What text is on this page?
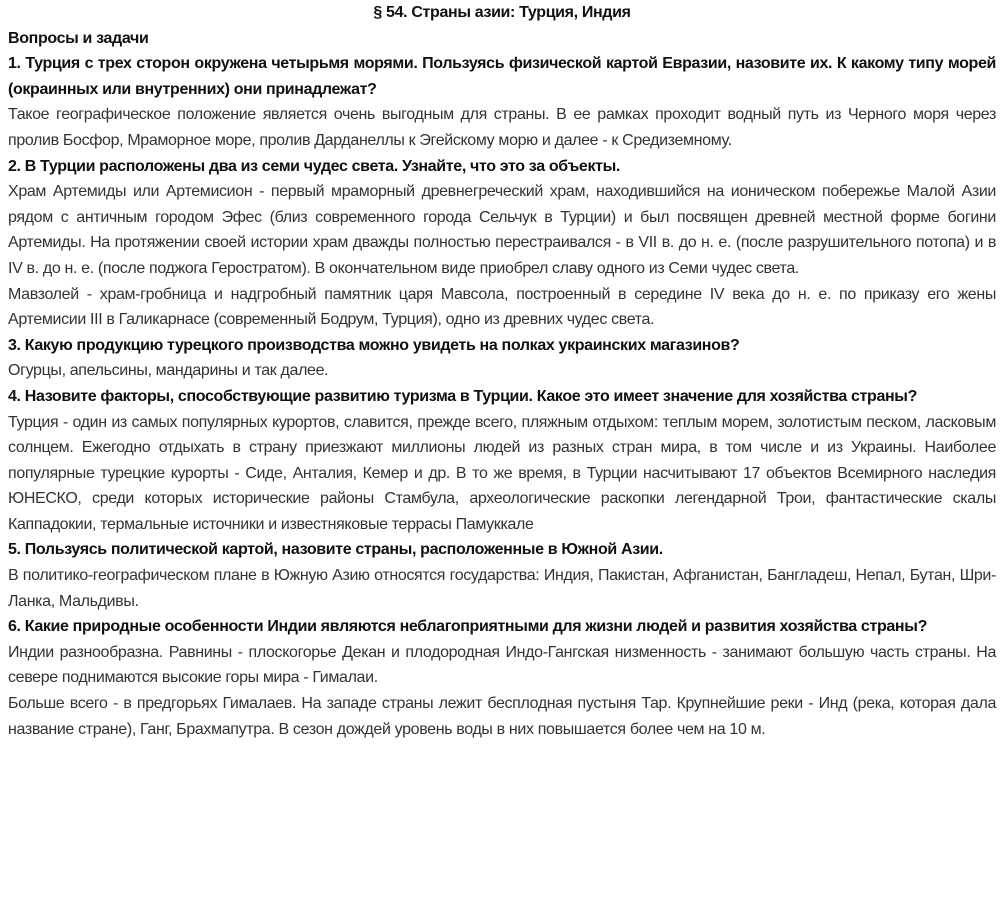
§ 54. Страны азии: Турция, Индия

Вопросы и задачи

1. Турция с трех сторон окружена четырьмя морями. Пользуясь физической картой Евразии, назовите их. К какому типу морей (окраинных или внутренних) они принадлежат?

Такое географическое положение является очень выгодным для страны. В ее рамках проходит водный путь из Черного моря через пролив Босфор, Мраморное море, пролив Дарданеллы к Эгейскому морю и далее - к Средиземному.

2. В Турции расположены два из семи чудес света. Узнайте, что это за объекты.

Храм Артемиды или Артемисион - первый мраморный древнегреческий храм, находившийся на ионическом побережье Малой Азии рядом с античным городом Эфес (близ современного города Сельчук в Турции) и был посвящен древней местной форме богини Артемиды. На протяжении своей истории храм дважды полностью перестраивался - в VII в. до н. е. (после разрушительного потопа) и в IV в. до н. е. (после поджога Геростратом). В окончательном виде приобрел славу одного из Семи чудес света.

Мавзолей - храм-гробница и надгробный памятник царя Мавсола, построенный в середине IV века до н. е. по приказу его жены Артемисии III в Галикарнасе (современный Бодрум, Турция), одно из древних чудес света.

3. Какую продукцию турецкого производства можно увидеть на полках украинских магазинов?

Огурцы, апельсины, мандарины и так далее.

4. Назовите факторы, способствующие развитию туризма в Турции. Какое это имеет значение для хозяйства страны?

Турция - один из самых популярных курортов, славится, прежде всего, пляжным отдыхом: теплым морем, золотистым песком, ласковым солнцем. Ежегодно отдыхать в страну приезжают миллионы людей из разных стран мира, в том числе и из Украины. Наиболее популярные турецкие курорты - Сиде, Анталия, Кемер и др. В то же время, в Турции насчитывают 17 объектов Всемирного наследия ЮНЕСКО, среди которых исторические районы Стамбула, археологические раскопки легендарной Трои, фантастические скалы Каппадокии, термальные источники и известняковые террасы Памуккале

5. Пользуясь политической картой, назовите страны, расположенные в Южной Азии.

В политико-географическом плане в Южную Азию относятся государства: Индия, Пакистан, Афганистан, Бангладеш, Непал, Бутан, Шри-Ланка, Мальдивы.

6. Какие природные особенности Индии являются неблагоприятными для жизни людей и развития хозяйства страны?

Индии разнообразна. Равнины - плоскогорье Декан и плодородная Индо-Гангская низменность - занимают большую часть страны. На севере поднимаются высокие горы мира - Гималаи.

Больше всего - в предгорьях Гималаев. На западе страны лежит бесплодная пустыня Тар. Крупнейшие реки - Инд (река, которая дала название стране), Ганг, Брахмапутра. В сезон дождей уровень воды в них повышается более чем на 10 м.
